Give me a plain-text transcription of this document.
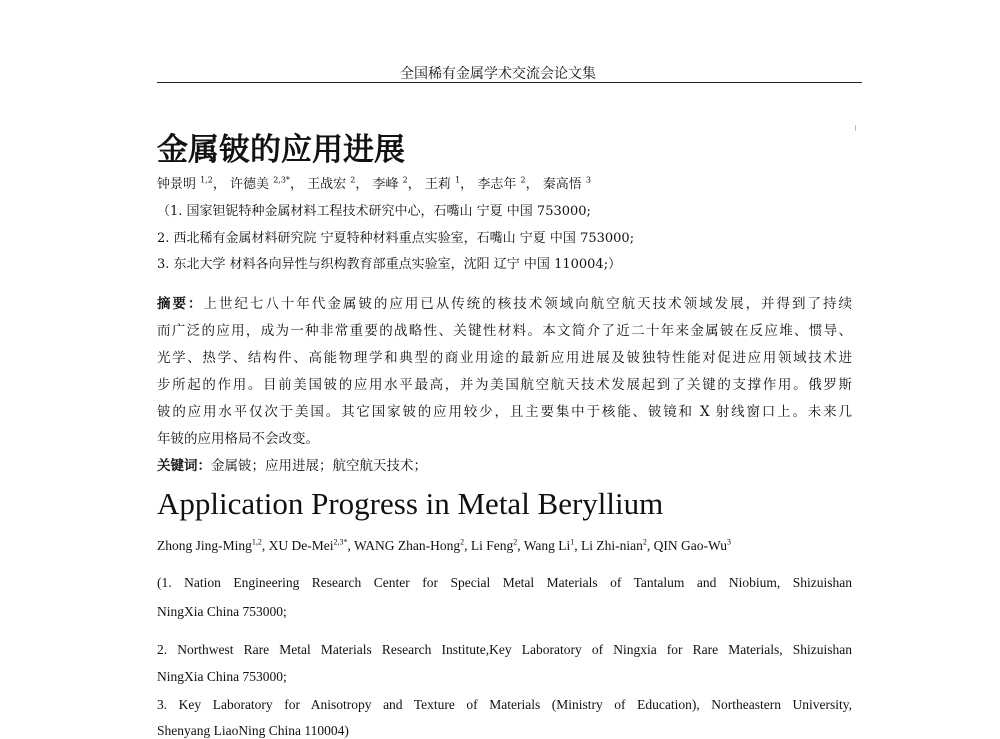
全国稀有金属学术交流会论文集
金属铍的应用进展
钟景明 $^{1,2}$， 许德美 $^{2,3*}$， 王战宏 $^2$， 李峰 $^2$， 王莉 $^1$， 李志年 $^2$， 秦高悟 $^3$
（1. 国家钽铌特种金属材料工程技术研究中心，石嘴山 宁夏 中国 753000;
2. 西北稀有金属材料研究院 宁夏特种材料重点实验室，石嘴山 宁夏 中国 753000;
3. 东北大学 材料各向异性与织构教育部重点实验室，沈阳 辽宁 中国 110004;）
摘要：上世纪七八十年代金属铍的应用已从传统的核技术领域向航空航天技术领域发展，并得到了持续
而广泛的应用，成为一种非常重要的战略性、关键性材料。本文简介了近二十年来金属铍在反应堆、惯导、
光学、热学、结构件、高能物理学和典型的商业用途的最新应用进展及铍独特性能对促进应用领域技术进
步所起的作用。目前美国铍的应用水平最高，并为美国航空航天技术发展起到了关键的支撑作用。俄罗斯
铍的应用水平仅次于美国。其它国家铍的应用较少，且主要集中于核能、铍镜和 X 射线窗口上。未来几
年铍的应用格局不会改变。
关键词：金属铍；应用进展；航空航天技术；
Application Progress in Metal Beryllium
Zhong Jing-Ming$^{1,2}$, XU De-Mei$^{2,3*}$, WANG Zhan-Hong$^2$, Li Feng$^2$, Wang Li$^1$, Li Zhi-nian$^2$, QIN Gao-Wu$^3$
(1. Nation Engineering Research Center for Special Metal Materials of Tantalum and Niobium, Shizuishan
NingXia China 753000;
2. Northwest Rare Metal Materials Research Institute,Key Laboratory of Ningxia for Rare Materials, Shizuishan
NingXia China 753000;
3. Key Laboratory for Anisotropy and Texture of Materials (Ministry of Education), Northeastern University,
Shenyang LiaoNing China 110004)
